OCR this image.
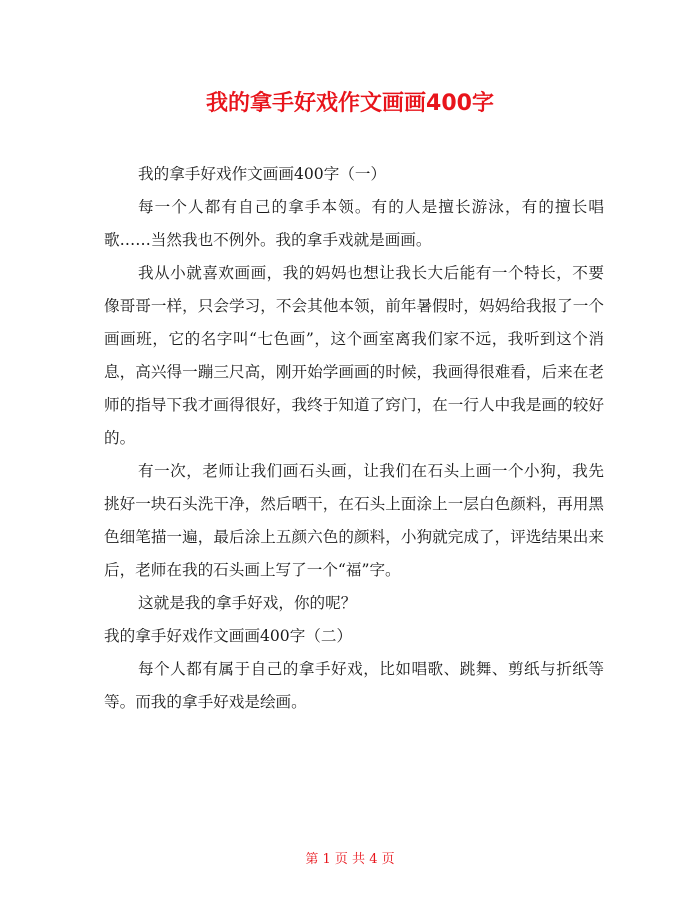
我的拿手好戏作文画画400字

我的拿手好戏作文画画400字（一）

每一个人都有自己的拿手本领。有的人是擅长游泳，有的擅长唱歌……当然我也不例外。我的拿手戏就是画画。

我从小就喜欢画画，我的妈妈也想让我长大后能有一个特长，不要像哥哥一样，只会学习，不会其他本领，前年暑假时，妈妈给我报了一个画画班，它的名字叫“七色画”，这个画室离我们家不远，我听到这个消息，高兴得一蹦三尺高，刚开始学画画的时候，我画得很难看，后来在老师的指导下我才画得很好，我终于知道了窍门，在一行人中我是画的较好的。

有一次，老师让我们画石头画，让我们在石头上画一个小狗，我先挑好一块石头洗干净，然后晒干，在石头上面涂上一层白色颜料，再用黑色细笔描一遍，最后涂上五颜六色的颜料，小狗就完成了，评选结果出来后，老师在我的石头画上写了一个“福”字。

这就是我的拿手好戏，你的呢？

我的拿手好戏作文画画400字（二）

每个人都有属于自己的拿手好戏，比如唱歌、跳舞、剪纸与折纸等等。而我的拿手好戏是绘画。

第 1 页 共 4 页
